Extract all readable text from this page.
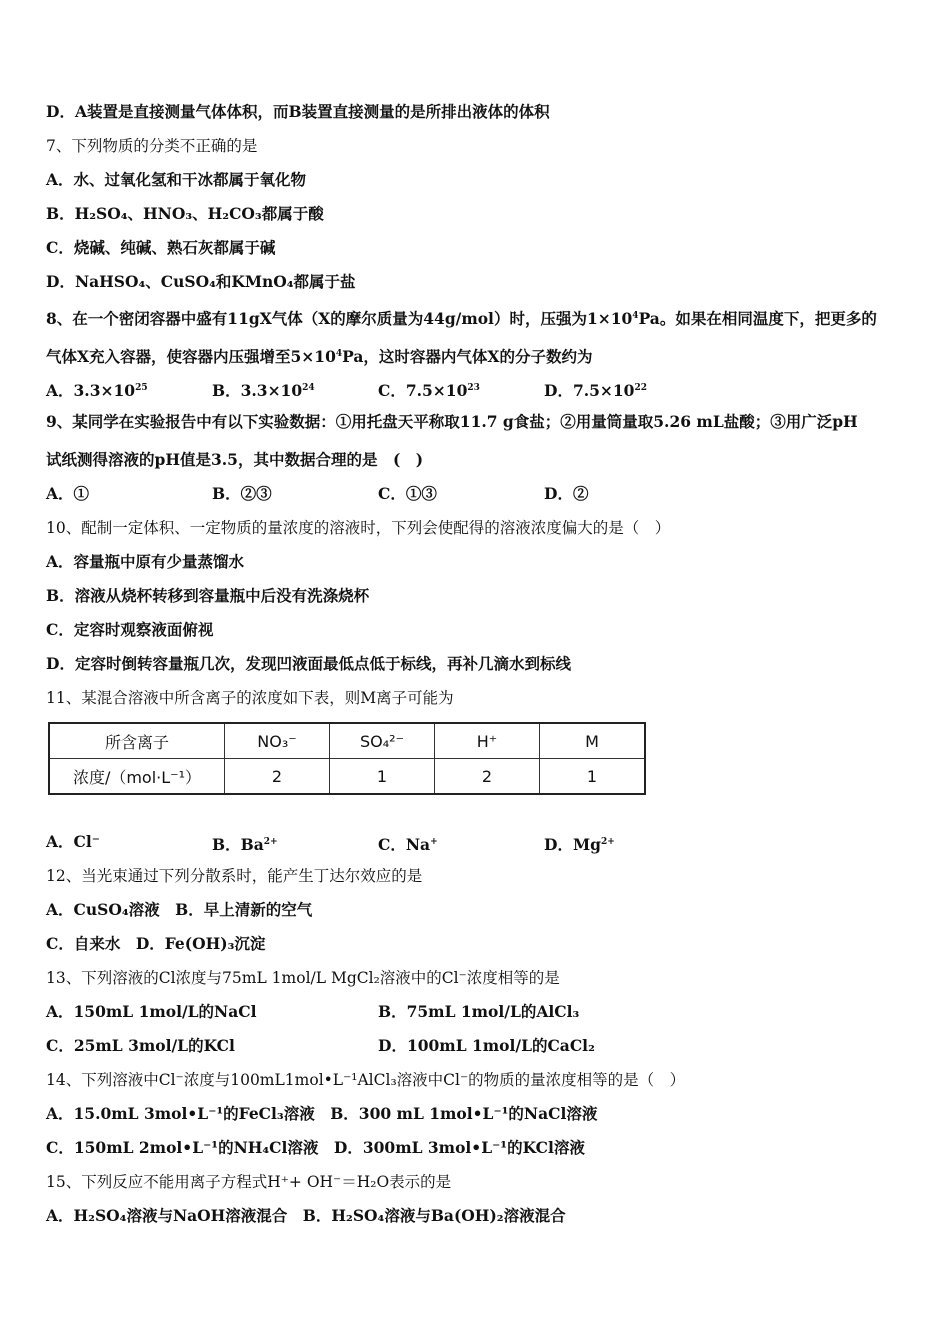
D．A装置是直接测量气体体积，而B装置直接测量的是所排出液体的体积
7、下列物质的分类不正确的是
A．水、过氧化氢和干冰都属于氧化物
B．H₂SO₄、HNO₃、H₂CO₃都属于酸
C．烧碱、纯碱、熟石灰都属于碱
D．NaHSO₄、CuSO₄和KMnO₄都属于盐
8、在一个密闭容器中盛有11gX气体（X的摩尔质量为44g/mol）时，压强为$1\times 10^4Pa$。如果在相同温度下，把更多的
气体X充入容器，使容器内压强增至$5\times 10^4Pa$，这时容器内气体X的分子数约为
A．$3.3\times 10^{25}$	B．$3.3\times 10^{24}$	C．$7.5\times 10^{23}$	D．$7.5\times 10^{22}$
9、某同学在实验报告中有以下实验数据：①用托盘天平称取11.7 g食盐；②用量筒量取5.26 mL盐酸；③用广泛pH
试纸测得溶液的pH值是3.5，其中数据合理的是　(　)
A．①	B．②③	C．①③	D．②
10、配制一定体积、一定物质的量浓度的溶液时，下列会使配得的溶液浓度偏大的是（　）
A．容量瓶中原有少量蒸馏水
B．溶液从烧杯转移到容量瓶中后没有洗涤烧杯
C．定容时观察液面俯视
D．定容时倒转容量瓶几次，发现凹液面最低点低于标线，再补几滴水到标线
11、某混合溶液中所含离子的浓度如下表，则M离子可能为
所含离子	NO₃⁻	SO₄²⁻	H⁺	M
浓度/（mol·L⁻¹）	2	1	2	1
A．Cl⁻	B．$Ba^{2+}$	C．Na+	D．$Mg^{2+}$
12、当光束通过下列分散系时，能产生丁达尔效应的是
A．CuSO₄溶液　B．早上清新的空气
C．自来水　D．Fe(OH)₃沉淀
13、下列溶液的Cl浓度与75mL 1mol/L MgCl₂溶液中的Cl⁻浓度相等的是
A．150mL 1mol/L的NaCl	B．75mL 1mol/L的AlCl₃
C．25mL 3mol/L的KCl	D．100mL 1mol/L的CaCl₂
14、下列溶液中Cl⁻浓度与100mL1mol•L⁻¹AlCl₃溶液中Cl⁻的物质的量浓度相等的是（　）
A．15.0mL 3mol•L⁻¹的FeCl₃溶液　B．300 mL 1mol•L⁻¹的NaCl溶液
C．150mL 2mol•L⁻¹的NH₄Cl溶液　D．300mL 3mol•L⁻¹的KCl溶液
15、下列反应不能用离子方程式H⁺+ OH⁻＝H₂O表示的是
A．H₂SO₄溶液与NaOH溶液混合　B．H₂SO₄溶液与Ba(OH)₂溶液混合
